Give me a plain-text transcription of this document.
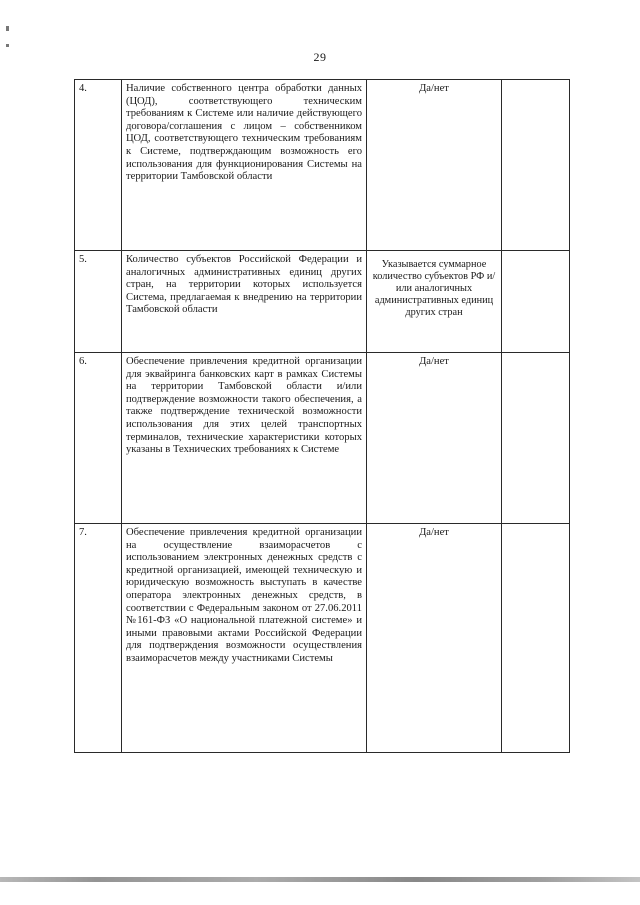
29
4.	Наличие собственного центра обработки данных (ЦОД), соответствующего техническим требованиям к Системе или наличие действующего договора/соглашения с лицом – собственником ЦОД, соответствующего техническим требованиям к Системе, подтверждающим возможность его использования для функционирования Системы на территории Тамбовской области	Да/нет	
5.	Количество субъектов Российской Федерации и аналогичных административных единиц других стран, на территории которых используется Система, предлагаемая к внедрению на территории Тамбовской области	Указывается суммарное количество субъектов РФ и/или аналогичных административных единиц других стран	
6.	Обеспечение привлечения кредитной организации для эквайринга банковских карт в рамках Системы на территории Тамбовской области и/или подтверждение возможности такого обеспечения, а также подтверждение технической возможности использования для этих целей транспортных терминалов, технические характеристики которых указаны в Технических требованиях к Системе	Да/нет	
7.	Обеспечение привлечения кредитной организации на осуществление взаиморасчетов с использованием электронных денежных средств с кредитной организацией, имеющей техническую и юридическую возможность выступать в качестве оператора электронных денежных средств, в соответствии с Федеральным законом от 27.06.2011 №161-ФЗ «О национальной платежной системе» и иными правовыми актами Российской Федерации для подтверждения возможности осуществления взаиморасчетов между участниками Системы	Да/нет	
